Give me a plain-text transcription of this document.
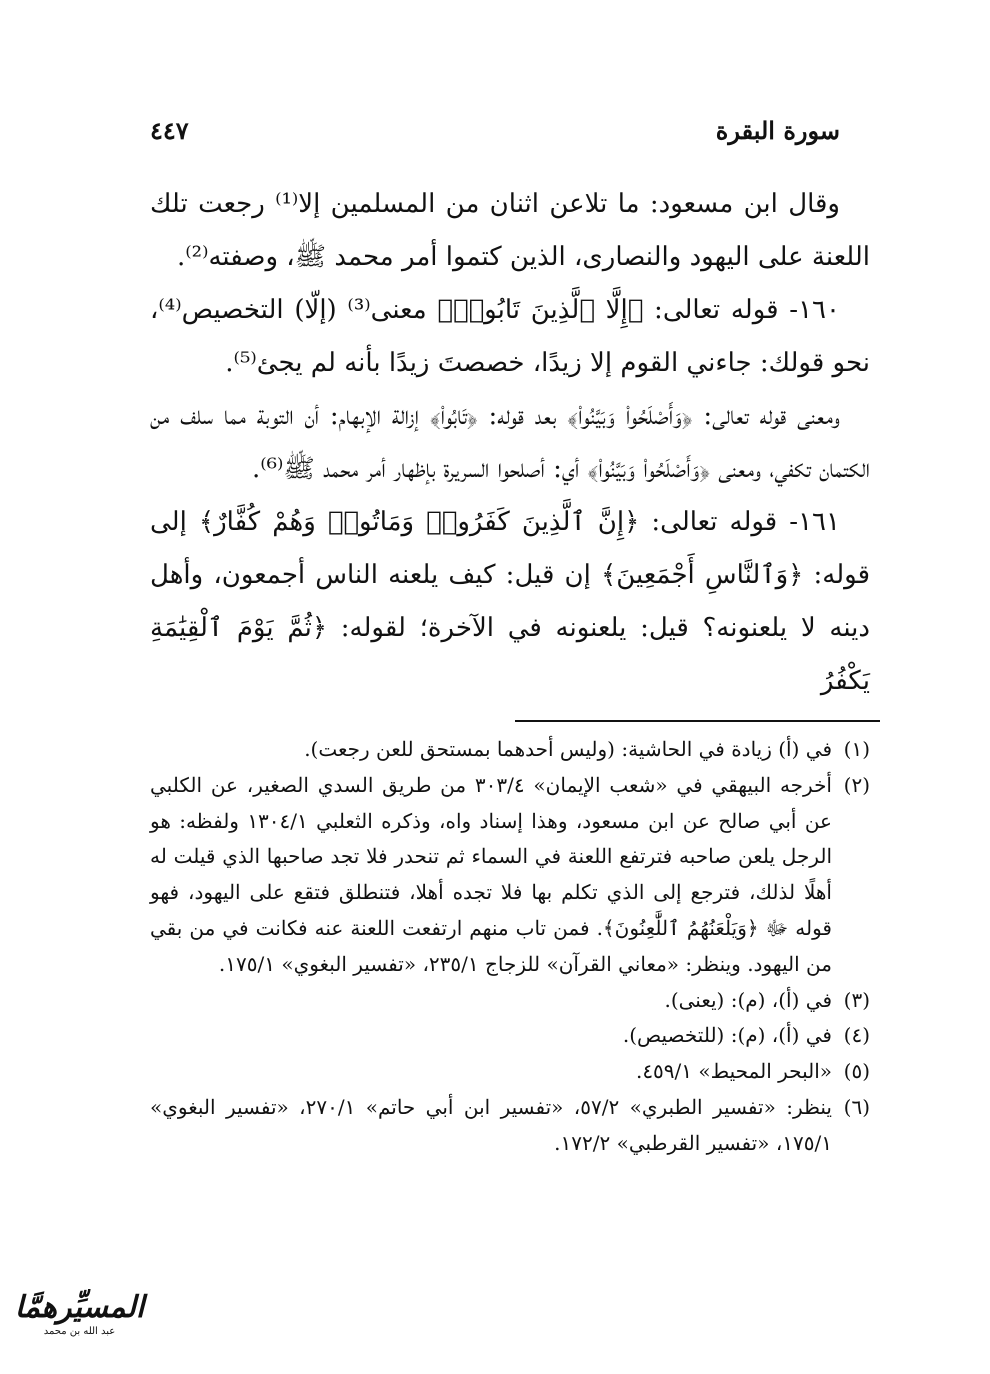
سورة البقرة
٤٤٧

وقال ابن مسعود: ما تلاعن اثنان من المسلمين إلا⁽¹⁾ رجعت تلك اللعنة على اليهود والنصارى، الذين كتموا أمر محمد ﷺ، وصفته⁽²⁾.

١٦٠- قوله تعالى: ﴿إِلَّا ٱلَّذِينَ تَابُوا۟﴾ معنى⁽³⁾ (إلّا) التخصيص⁽⁴⁾، نحو قولك: جاءني القوم إلا زيدًا، خصصتَ زيدًا بأنه لم يجئ⁽⁵⁾.

ومعنى قوله تعالى: ﴿وَأَصْلَحُوا۟ وَبَيَّنُوا۟﴾ بعد قوله: ﴿تَابُوا۟﴾ إزالة الإبهام: أن التوبة مما سلف من الكتمان تكفي، ومعنى ﴿وَأَصْلَحُوا۟ وَبَيَّنُوا۟﴾ أي: أصلحوا السريرة بإظهار أمر محمد ﷺ⁽⁶⁾.

١٦١- قوله تعالى: ﴿إِنَّ ٱلَّذِينَ كَفَرُوا۟ وَمَاتُوا۟ وَهُمْ كُفَّارٌ﴾ إلى قوله: ﴿وَٱلنَّاسِ أَجْمَعِينَ﴾ إن قيل: كيف يلعنه الناس أجمعون، وأهل دينه لا يلعنونه؟ قيل: يلعنونه في الآخرة؛ لقوله: ﴿ثُمَّ يَوْمَ ٱلْقِيَٰمَةِ يَكْفُرُ

(١)
في (أ) زيادة في الحاشية: (وليس أحدهما بمستحق للعن رجعت).
(٢)
أخرجه البيهقي في «شعب الإيمان» ٣٠٣/٤ من طريق السدي الصغير، عن الكلبي عن أبي صالح عن ابن مسعود، وهذا إسناد واه، وذكره الثعلبي ١٣٠٤/١ ولفظه: هو الرجل يلعن صاحبه فترتفع اللعنة في السماء ثم تنحدر فلا تجد صاحبها الذي قيلت له أهلًا لذلك، فترجع إلى الذي تكلم بها فلا تجده أهلا، فتنطلق فتقع على اليهود، فهو قوله ﷻ ﴿وَيَلْعَنُهُمُ ٱللَّٰعِنُونَ﴾. فمن تاب منهم ارتفعت اللعنة عنه فكانت في من بقي من اليهود. وينظر: «معاني القرآن» للزجاج ٢٣٥/١، «تفسير البغوي» ١٧٥/١.
(٣)
في (أ)، (م): (يعنى).
(٤)
في (أ)، (م): (للتخصيص).
(٥)
«البحر المحيط» ٤٥٩/١.
(٦)
ينظر: «تفسير الطبري» ٥٧/٢، «تفسير ابن أبي حاتم» ٢٧٠/١، «تفسير البغوي» ١٧٥/١، «تفسير القرطبي» ١٧٢/٢.
المسيِّرهمَّا
عبد الله بن محمد
